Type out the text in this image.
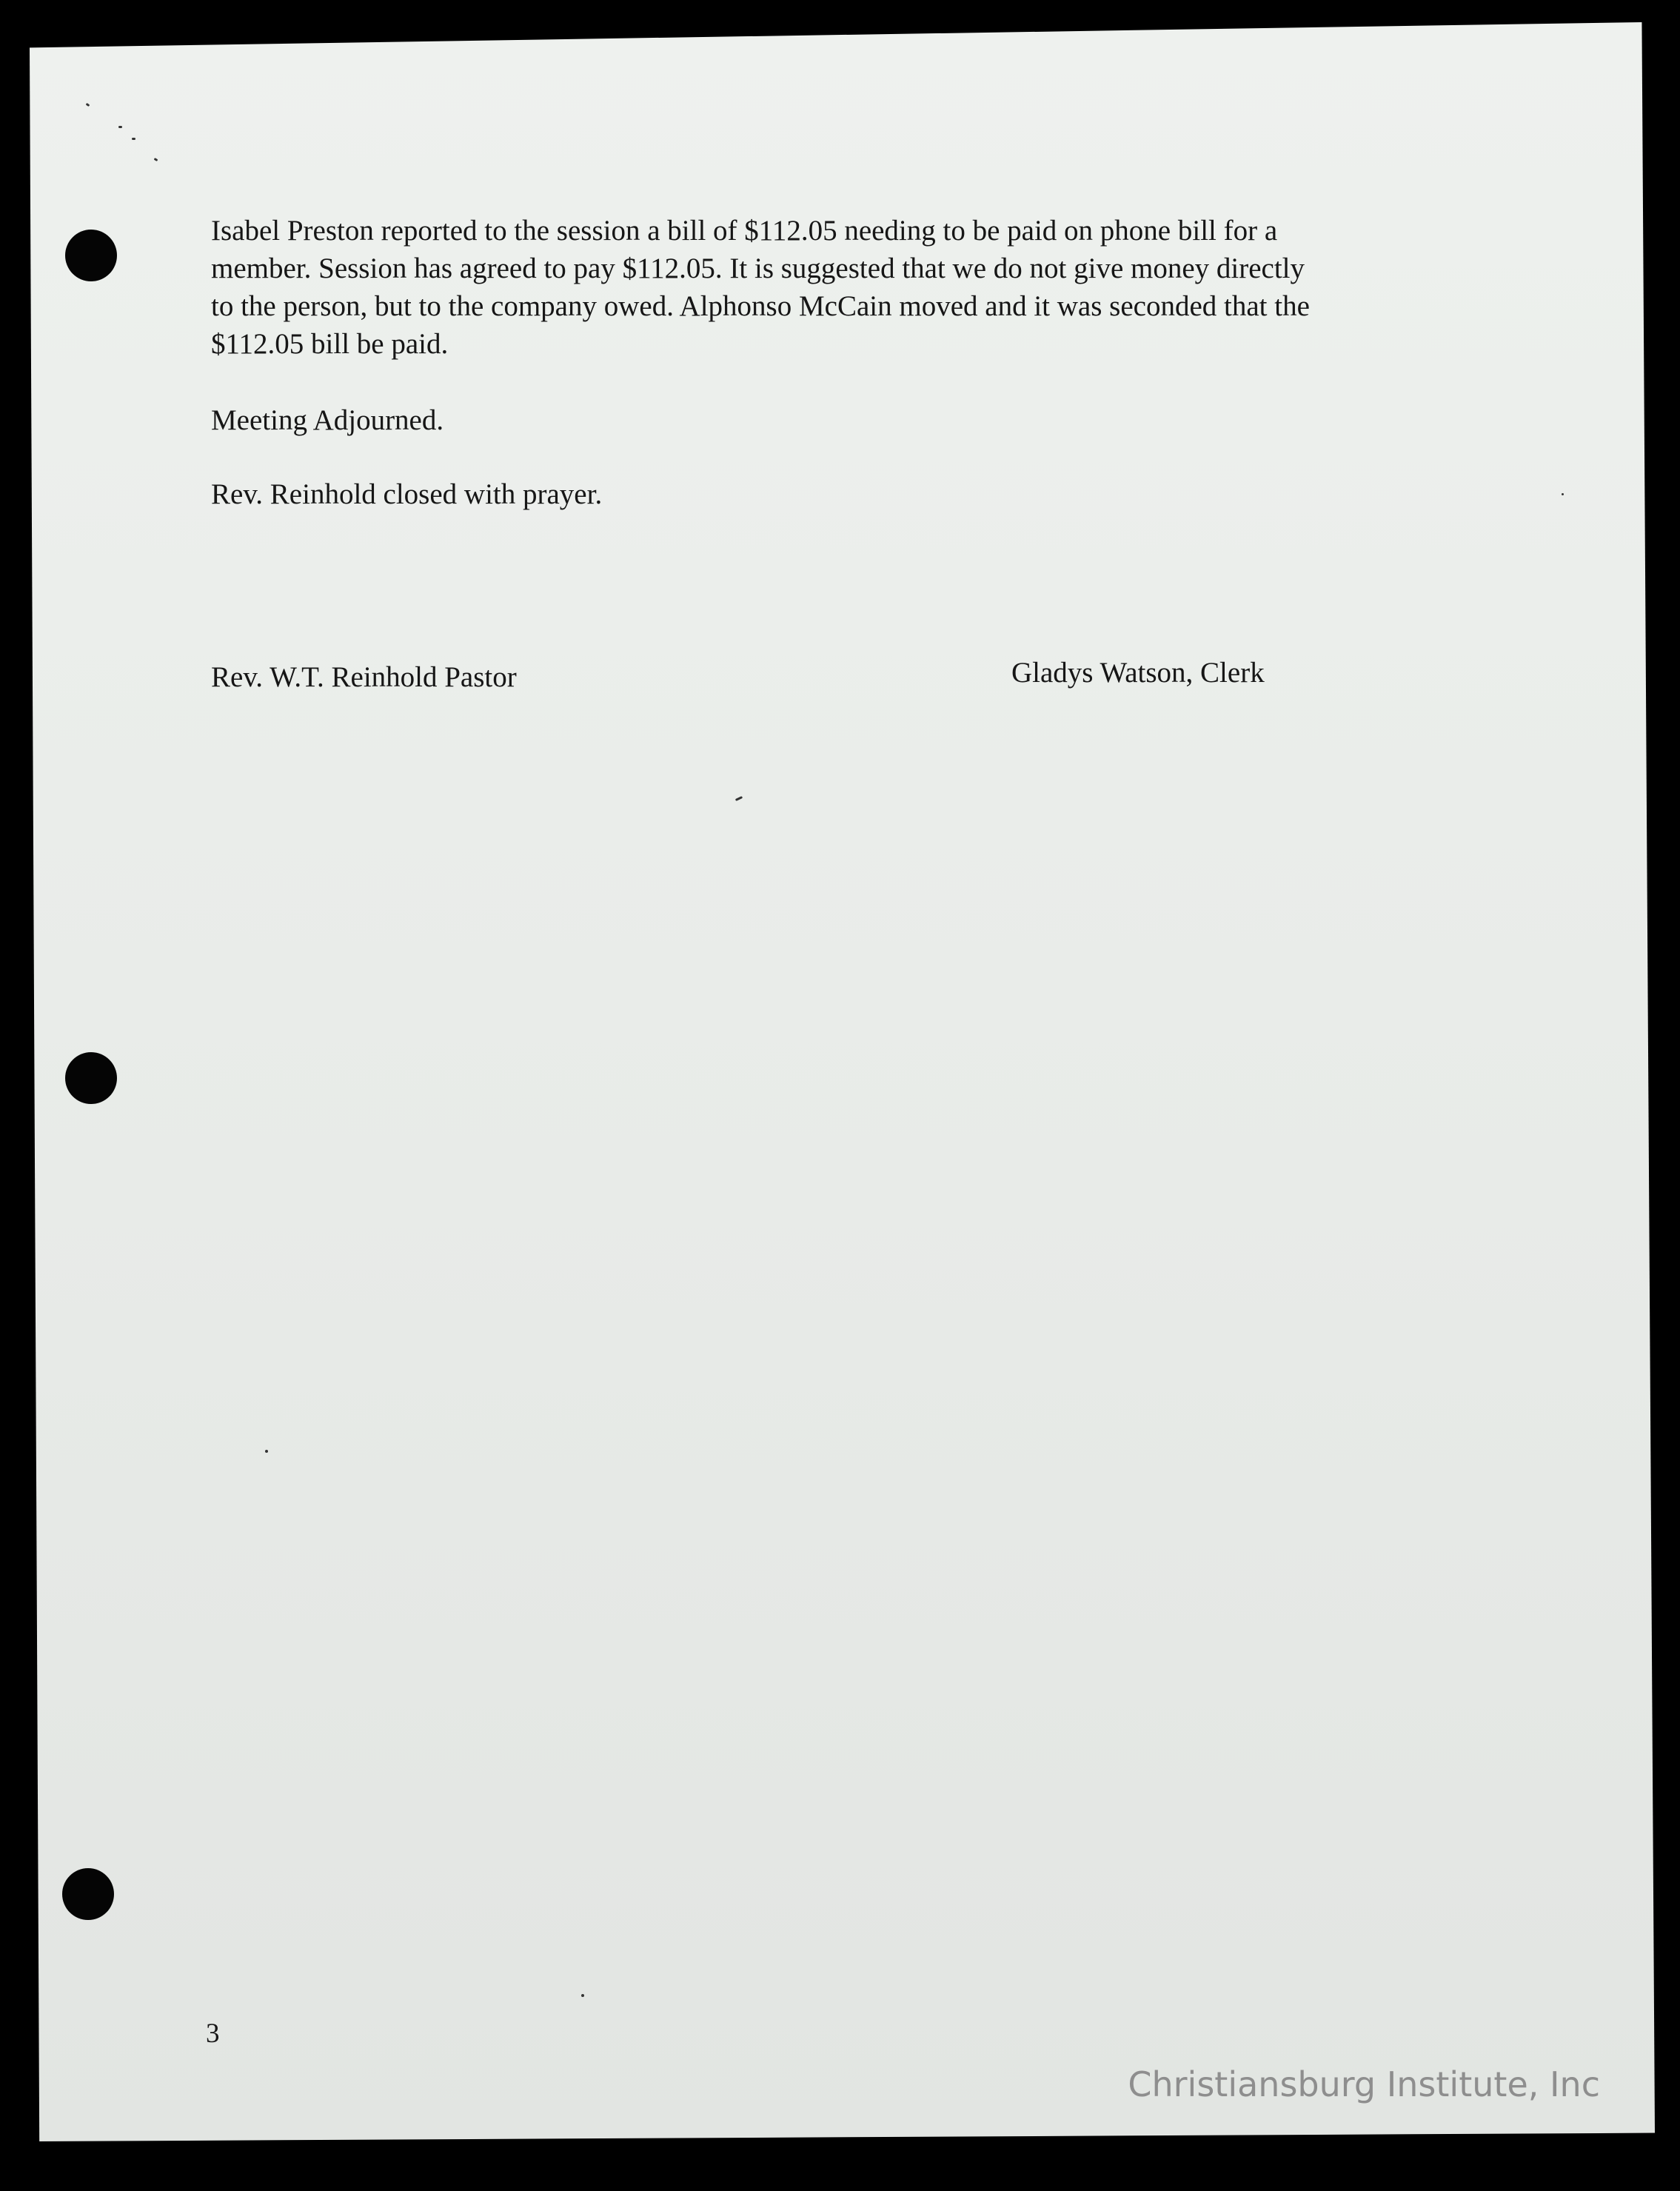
Isabel Preston reported to the session a bill of $112.05 needing to be paid on phone bill for a
member. Session has agreed to pay $112.05. It is suggested that we do not give money directly
to the person, but to the company owed. Alphonso McCain moved and it was seconded that the
$112.05 bill be paid.
Meeting Adjourned.
Rev. Reinhold closed with prayer.
Rev. W.T. Reinhold Pastor	Gladys Watson, Clerk
3
Christiansburg Institute, Inc
